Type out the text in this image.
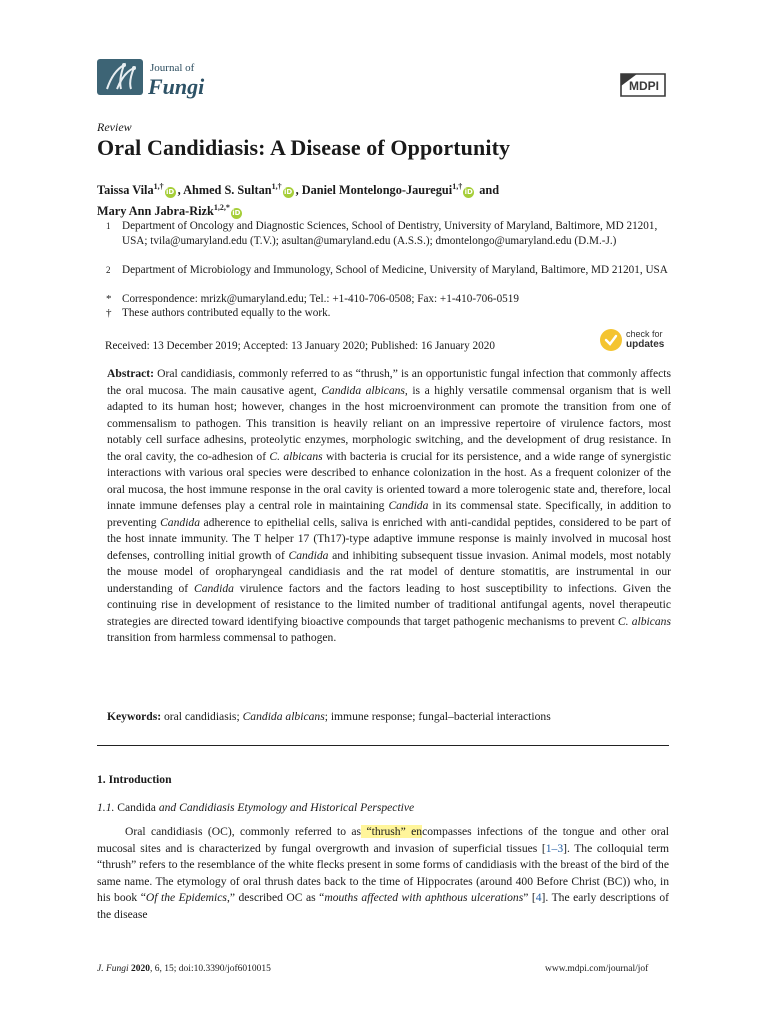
Journal of
Fungi	MDPI
Review
Oral Candidiasis: A Disease of Opportunity
Taissa Vila$^{1,\dagger}$iD , Ahmed S. Sultan$^{1,\dagger}$iD , Daniel Montelongo-Jauregui$^{1,\dagger}$iD and
Mary Ann Jabra-Rizk$^{1,2,*}$iD
1 Department of Oncology and Diagnostic Sciences, School of Dentistry, University of Maryland, Baltimore, MD 21201, USA; tvila@umaryland.edu (T.V.); asultan@umaryland.edu (A.S.S.); dmontelongo@umaryland.edu (D.M.-J.)
2 Department of Microbiology and Immunology, School of Medicine, University of Maryland, Baltimore, MD 21201, USA
* Correspondence: mrizk@umaryland.edu; Tel.: +1-410-706-0508; Fax: +1-410-706-0519
† These authors contributed equally to the work.
Received: 13 December 2019; Accepted: 13 January 2020; Published: 16 January 2020
check for
updates
Abstract: Oral candidiasis, commonly referred to as “thrush,” is an opportunistic fungal infection that commonly affects the oral mucosa. The main causative agent, Candida albicans, is a highly versatile commensal organism that is well adapted to its human host; however, changes in the host microenvironment can promote the transition from one of commensalism to pathogen. This transition is heavily reliant on an impressive repertoire of virulence factors, most notably cell surface adhesins, proteolytic enzymes, morphologic switching, and the development of drug resistance. In the oral cavity, the co-adhesion of C. albicans with bacteria is crucial for its persistence, and a wide range of synergistic interactions with various oral species were described to enhance colonization in the host. As a frequent colonizer of the oral mucosa, the host immune response in the oral cavity is oriented toward a more tolerogenic state and, therefore, local innate immune defenses play a central role in maintaining Candida in its commensal state. Specifically, in addition to preventing Candida adherence to epithelial cells, saliva is enriched with anti-candidal peptides, considered to be part of the host innate immunity. The T helper 17 (Th17)-type adaptive immune response is mainly involved in mucosal host defenses, controlling initial growth of Candida and inhibiting subsequent tissue invasion. Animal models, most notably the mouse model of oropharyngeal candidiasis and the rat model of denture stomatitis, are instrumental in our understanding of Candida virulence factors and the factors leading to host susceptibility to infections. Given the continuing rise in development of resistance to the limited number of traditional antifungal agents, novel therapeutic strategies are directed toward identifying bioactive compounds that target pathogenic mechanisms to prevent C. albicans transition from harmless commensal to pathogen.
Keywords: oral candidiasis; Candida albicans; immune response; fungal–bacterial interactions
1. Introduction
1.1. Candida and Candidiasis Etymology and Historical Perspective
Oral candidiasis (OC), commonly referred to as “thrush” encompasses infections of the tongue and other oral mucosal sites and is characterized by fungal overgrowth and invasion of superficial tissues [1–3]. The colloquial term “thrush” refers to the resemblance of the white flecks present in some forms of candidiasis with the breast of the bird of the same name. The etymology of oral thrush dates back to the time of Hippocrates (around 400 Before Christ (BC)) who, in his book “Of the Epidemics,” described OC as “mouths affected with aphthous ulcerations” [4]. The early descriptions of the disease
J. Fungi 2020, 6, 15; doi:10.3390/jof6010015	www.mdpi.com/journal/jof
